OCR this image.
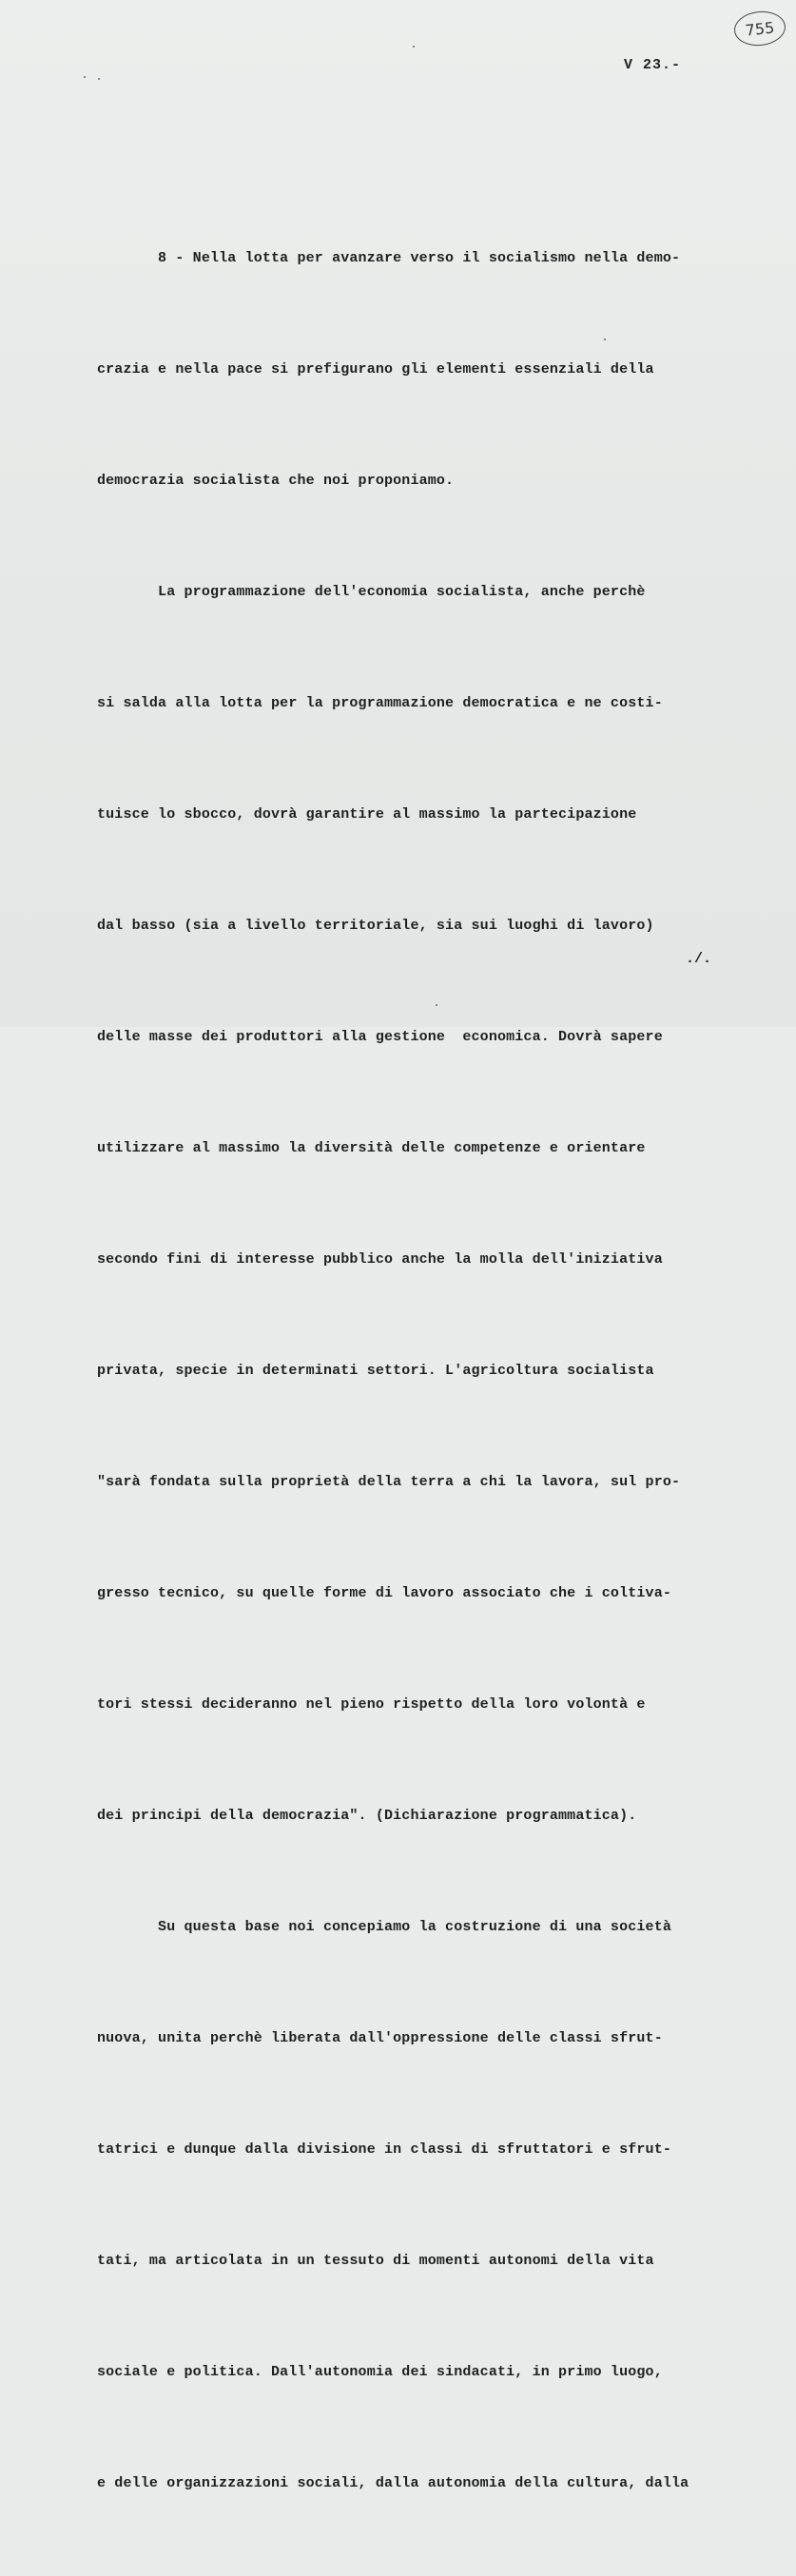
755
V 23.-

8 - Nella lotta per avanzare verso il socialismo nella demo-

crazia e nella pace si prefigurano gli elementi essenziali della

democrazia socialista che noi proponiamo.

La programmazione dell'economia socialista, anche perchè

si salda alla lotta per la programmazione democratica e ne costi-

tuisce lo sbocco, dovrà garantire al massimo la partecipazione

dal basso (sia a livello territoriale, sia sui luoghi di lavoro)

delle masse dei produttori alla gestione  economica. Dovrà sapere

utilizzare al massimo la diversità delle competenze e orientare

secondo fini di interesse pubblico anche la molla dell'iniziativa

privata, specie in determinati settori. L'agricoltura socialista

"sarà fondata sulla proprietà della terra a chi la lavora, sul pro-

gresso tecnico, su quelle forme di lavoro associato che i coltiva-

tori stessi decideranno nel pieno rispetto della loro volontà e

dei principi della democrazia". (Dichiarazione programmatica).

Su questa base noi concepiamo la costruzione di una società

nuova, unita perchè liberata dall'oppressione delle classi sfrut-

tatrici e dunque dalla divisione in classi di sfruttatori e sfrut-

tati, ma articolata in un tessuto di momenti autonomi della vita

sociale e politica. Dall'autonomia dei sindacati, in primo luogo,

e delle organizzazioni sociali, dalla autonomia della cultura, dalla

./.
